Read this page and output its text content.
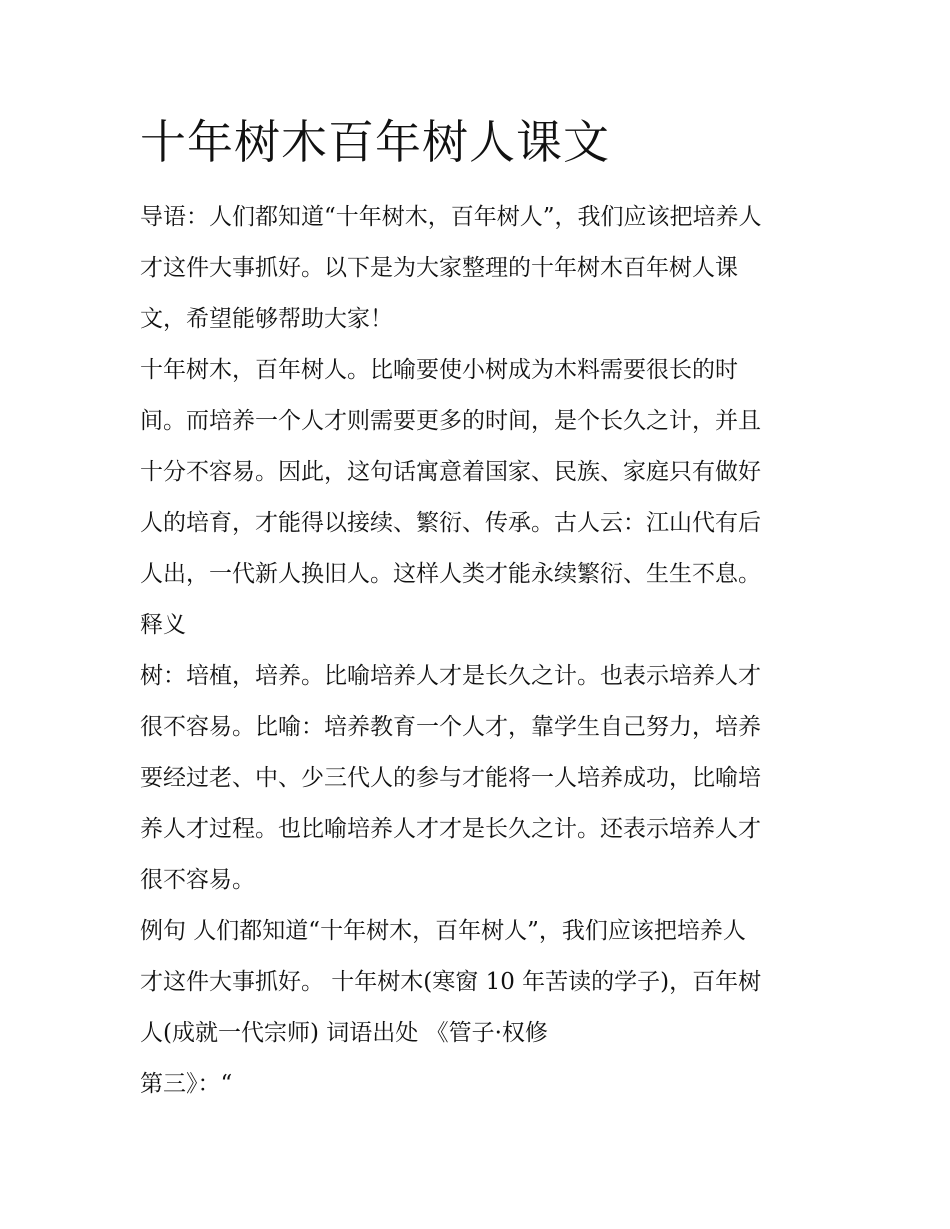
十年树木百年树人课文

导语：人们都知道“十年树木，百年树人”，我们应该把培养人

才这件大事抓好。以下是为大家整理的十年树木百年树人课

文，希望能够帮助大家！

十年树木，百年树人。比喻要使小树成为木料需要很长的时

间。而培养一个人才则需要更多的时间，是个长久之计，并且

十分不容易。因此，这句话寓意着国家、民族、家庭只有做好

人的培育，才能得以接续、繁衍、传承。古人云：江山代有后

人出，一代新人换旧人。这样人类才能永续繁衍、生生不息。

释义

树：培植，培养。比喻培养人才是长久之计。也表示培养人才

很不容易。比喻：培养教育一个人才，靠学生自己努力，培养

要经过老、中、少三代人的参与才能将一人培养成功，比喻培

养人才过程。也比喻培养人才才是长久之计。还表示培养人才

很不容易。

例句 人们都知道“十年树木，百年树人”，我们应该把培养人

才这件大事抓好。 十年树木(寒窗 10 年苦读的学子)，百年树

人(成就一代宗师) 词语出处 《管子·权修

第三》：“
